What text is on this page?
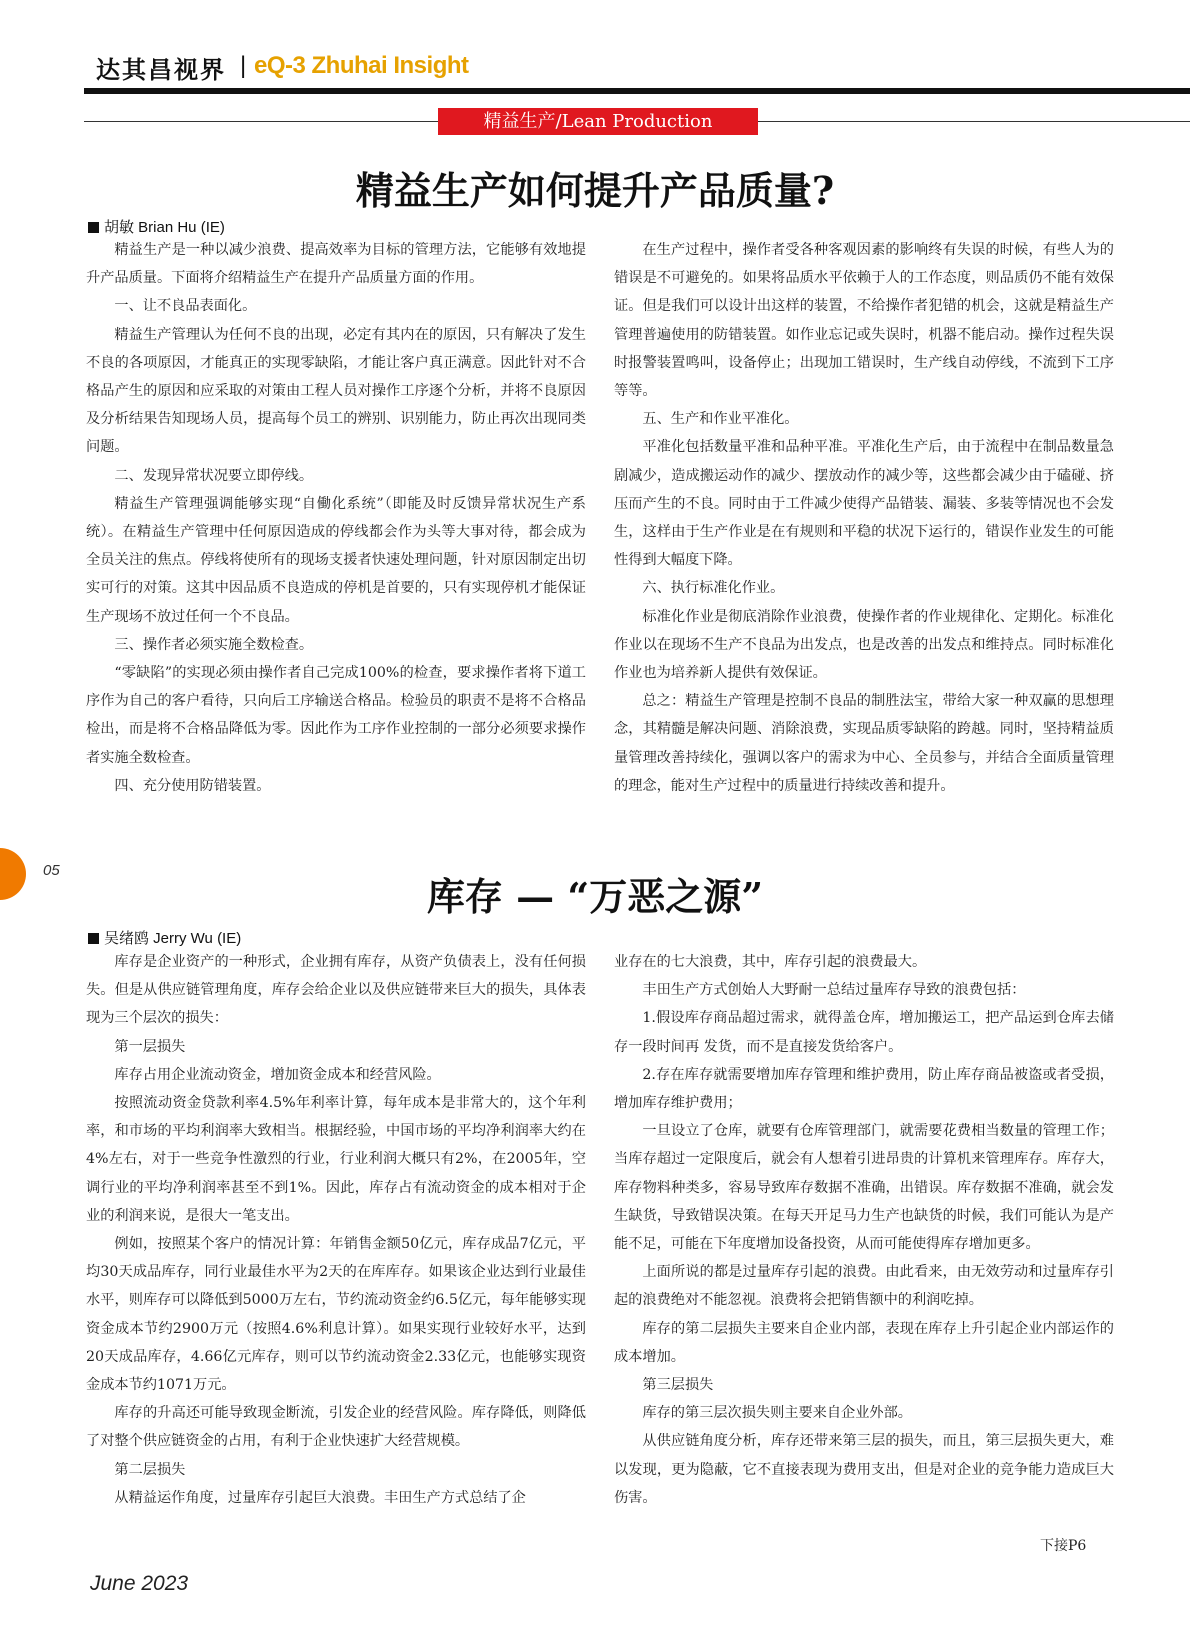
达其昌视界 | eQ-3 Zhuhai Insight
精益生产/Lean Production
精益生产如何提升产品质量?
胡敏 Brian Hu (IE)

精益生产是一种以减少浪费、提高效率为目标的管理方法，它能够有效地提升产品质量。下面将介绍精益生产在提升产品质量方面的作用。

一、让不良品表面化。

精益生产管理认为任何不良的出现，必定有其内在的原因，只有解决了发生不良的各项原因，才能真正的实现零缺陷，才能让客户真正满意。因此针对不合格品产生的原因和应采取的对策由工程人员对操作工序逐个分析，并将不良原因及分析结果告知现场人员，提高每个员工的辨别、识别能力，防止再次出现同类问题。

二、发现异常状况要立即停线。

精益生产管理强调能够实现“自働化系统”（即能及时反馈异常状况生产系统）。在精益生产管理中任何原因造成的停线都会作为头等大事对待，都会成为全员关注的焦点。停线将使所有的现场支援者快速处理问题，针对原因制定出切实可行的对策。这其中因品质不良造成的停机是首要的，只有实现停机才能保证生产现场不放过任何一个不良品。

三、操作者必须实施全数检查。

“零缺陷”的实现必须由操作者自己完成100%的检查，要求操作者将下道工序作为自己的客户看待，只向后工序输送合格品。检验员的职责不是将不合格品检出，而是将不合格品降低为零。因此作为工序作业控制的一部分必须要求操作者实施全数检查。

四、充分使用防错装置。

在生产过程中，操作者受各种客观因素的影响终有失误的时候，有些人为的错误是不可避免的。如果将品质水平依赖于人的工作态度，则品质仍不能有效保证。但是我们可以设计出这样的装置，不给操作者犯错的机会，这就是精益生产管理普遍使用的防错装置。如作业忘记或失误时，机器不能启动。操作过程失误时报警装置鸣叫，设备停止；出现加工错误时，生产线自动停线，不流到下工序等等。

五、生产和作业平准化。

平准化包括数量平准和品种平准。平准化生产后，由于流程中在制品数量急剧减少，造成搬运动作的减少、摆放动作的减少等，这些都会减少由于磕碰、挤压而产生的不良。同时由于工件减少使得产品错装、漏装、多装等情况也不会发生，这样由于生产作业是在有规则和平稳的状况下运行的，错误作业发生的可能性得到大幅度下降。

六、执行标准化作业。

标准化作业是彻底消除作业浪费，使操作者的作业规律化、定期化。标准化作业以在现场不生产不良品为出发点，也是改善的出发点和维持点。同时标准化作业也为培养新人提供有效保证。

总之：精益生产管理是控制不良品的制胜法宝，带给大家一种双赢的思想理念，其精髓是解决问题、消除浪费，实现品质零缺陷的跨越。同时，坚持精益质量管理改善持续化，强调以客户的需求为中心、全员参与，并结合全面质量管理的理念，能对生产过程中的质量进行持续改善和提升。

05
库存 — “万恶之源”
吴绪鸥 Jerry Wu (IE)

库存是企业资产的一种形式，企业拥有库存，从资产负债表上，没有任何损失。但是从供应链管理角度，库存会给企业以及供应链带来巨大的损失，具体表现为三个层次的损失：

第一层损失

库存占用企业流动资金，增加资金成本和经营风险。

按照流动资金贷款利率4.5%年利率计算，每年成本是非常大的，这个年利率，和市场的平均利润率大致相当。根据经验，中国市场的平均净利润率大约在4%左右，对于一些竞争性激烈的行业，行业利润大概只有2%，在2005年，空调行业的平均净利润率甚至不到1%。因此，库存占有流动资金的成本相对于企业的利润来说，是很大一笔支出。

例如，按照某个客户的情况计算：年销售金额50亿元，库存成品7亿元，平均30天成品库存，同行业最佳水平为2天的在库库存。如果该企业达到行业最佳水平，则库存可以降低到5000万左右，节约流动资金约6.5亿元，每年能够实现资金成本节约2900万元（按照4.6%利息计算）。如果实现行业较好水平，达到20天成品库存，4.66亿元库存，则可以节约流动资金2.33亿元，也能够实现资金成本节约1071万元。

库存的升高还可能导致现金断流，引发企业的经营风险。库存降低，则降低了对整个供应链资金的占用，有利于企业快速扩大经营规模。

第二层损失

从精益运作角度，过量库存引起巨大浪费。丰田生产方式总结了企

业存在的七大浪费，其中，库存引起的浪费最大。

丰田生产方式创始人大野耐一总结过量库存导致的浪费包括：

1.假设库存商品超过需求，就得盖仓库，增加搬运工，把产品运到仓库去储存一段时间再 发货，而不是直接发货给客户。

2.存在库存就需要增加库存管理和维护费用，防止库存商品被盗或者受损，增加库存维护费用；

一旦设立了仓库，就要有仓库管理部门，就需要花费相当数量的管理工作；当库存超过一定限度后，就会有人想着引进昂贵的计算机来管理库存。库存大，库存物料种类多，容易导致库存数据不准确，出错误。库存数据不准确，就会发生缺货，导致错误决策。在每天开足马力生产也缺货的时候，我们可能认为是产能不足，可能在下年度增加设备投资，从而可能使得库存增加更多。

上面所说的都是过量库存引起的浪费。由此看来，由无效劳动和过量库存引起的浪费绝对不能忽视。浪费将会把销售额中的利润吃掉。

库存的第二层损失主要来自企业内部，表现在库存上升引起企业内部运作的成本增加。

第三层损失

库存的第三层次损失则主要来自企业外部。

从供应链角度分析，库存还带来第三层的损失，而且，第三层损失更大，难以发现，更为隐蔽，它不直接表现为费用支出，但是对企业的竞争能力造成巨大伤害。

下接P6
June 2023
